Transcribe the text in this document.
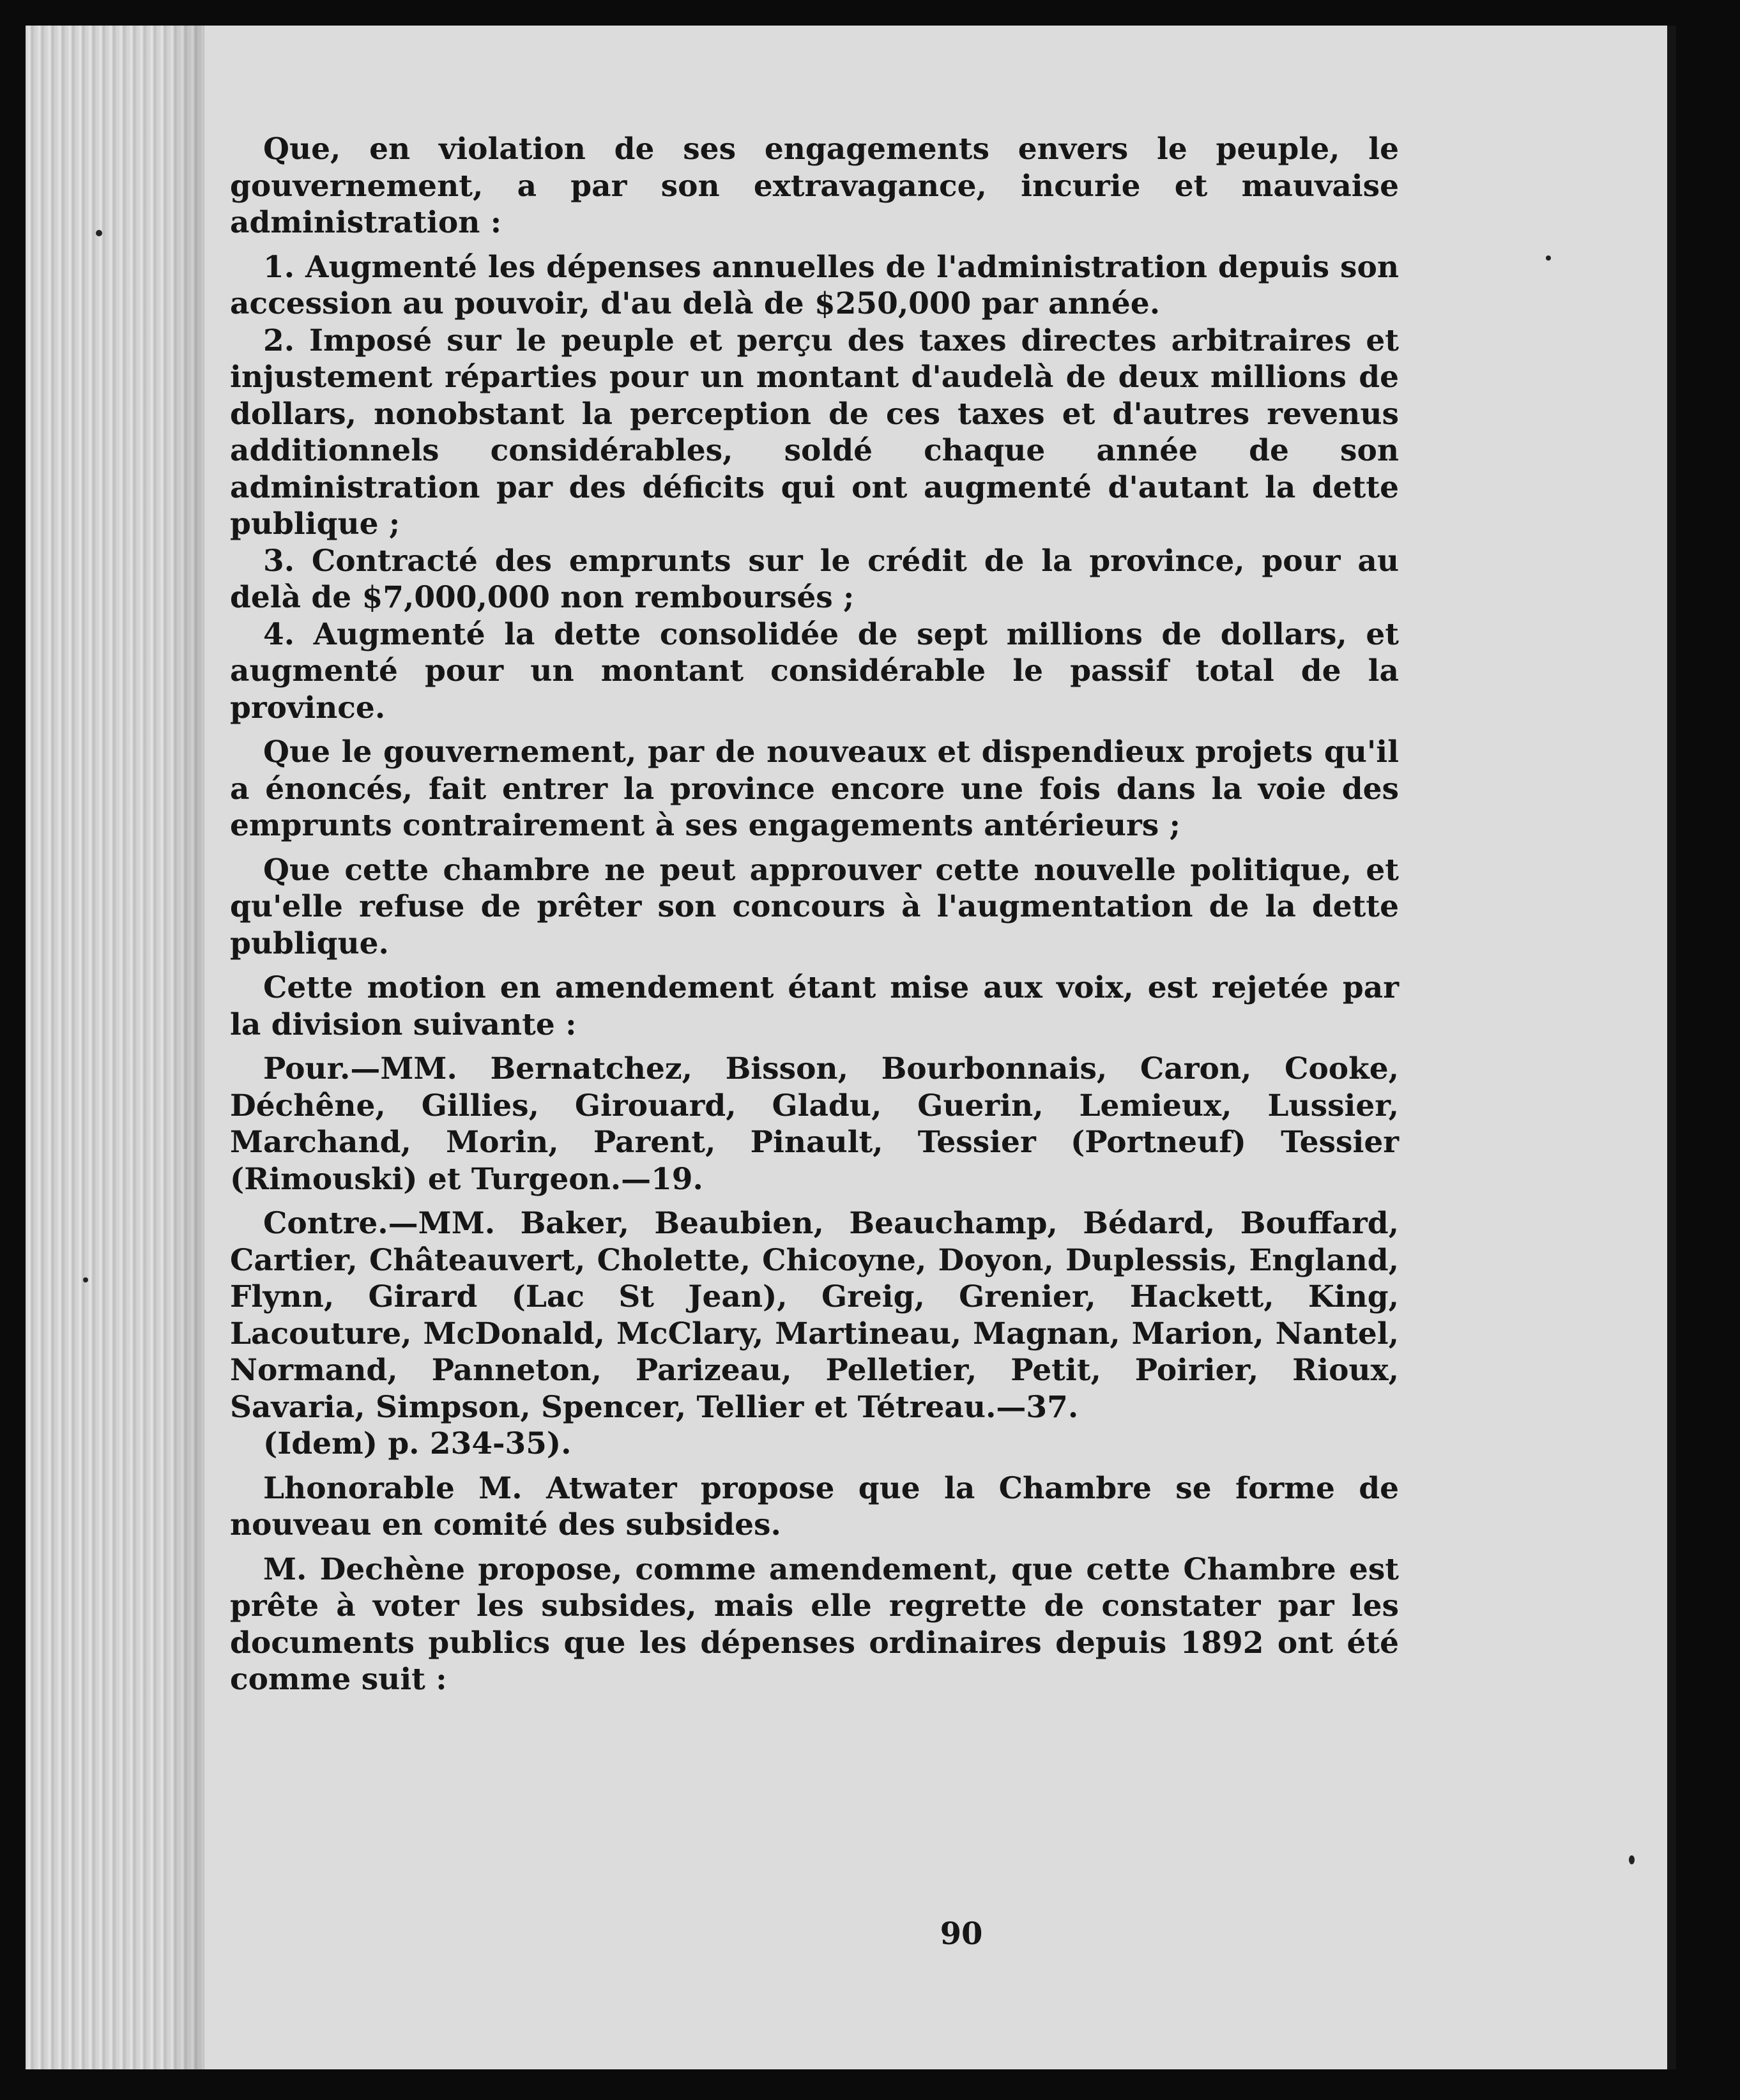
Que, en violation de ses engagements envers le peuple, le gouvernement, a par son extravagance, incurie et mauvaise administration :

1. Augmenté les dépenses annuelles de l'administration depuis son accession au pouvoir, d'au delà de $250,000 par année.

2. Imposé sur le peuple et perçu des taxes directes arbitraires et injustement réparties pour un montant d'audelà de deux millions de dollars, nonobstant la perception de ces taxes et d'autres revenus additionnels considérables, soldé chaque année de son administration par des déficits qui ont augmenté d'autant la dette publique ;

3. Contracté des emprunts sur le crédit de la province, pour au delà de $7,000,000 non remboursés ;

4. Augmenté la dette consolidée de sept millions de dollars, et augmenté pour un montant considérable le passif total de la province.

Que le gouvernement, par de nouveaux et dispendieux projets qu'il a énoncés, fait entrer la province encore une fois dans la voie des emprunts contrairement à ses engagements antérieurs ;

Que cette chambre ne peut approuver cette nouvelle politique, et qu'elle refuse de prêter son concours à l'augmentation de la dette publique.

Cette motion en amendement étant mise aux voix, est rejetée par la division suivante :

Pour.—MM. Bernatchez, Bisson, Bourbonnais, Caron, Cooke, Déchêne, Gillies, Girouard, Gladu, Guerin, Lemieux, Lussier, Marchand, Morin, Parent, Pinault, Tessier (Portneuf) Tessier (Rimouski) et Turgeon.—19.

Contre.—MM. Baker, Beaubien, Beauchamp, Bédard, Bouffard, Cartier, Châteauvert, Cholette, Chicoyne, Doyon, Duplessis, England, Flynn, Girard (Lac St Jean), Greig, Grenier, Hackett, King, Lacouture, McDonald, McClary, Martineau, Magnan, Marion, Nantel, Normand, Panneton, Parizeau, Pelletier, Petit, Poirier, Rioux, Savaria, Simpson, Spencer, Tellier et Tétreau.—37.

(Idem) p. 234-35).

Lhonorable M. Atwater propose que la Chambre se forme de nouveau en comité des subsides.

M. Dechène propose, comme amendement, que cette Chambre est prête à voter les subsides, mais elle regrette de constater par les documents publics que les dépenses ordinaires depuis 1892 ont été comme suit :

90
